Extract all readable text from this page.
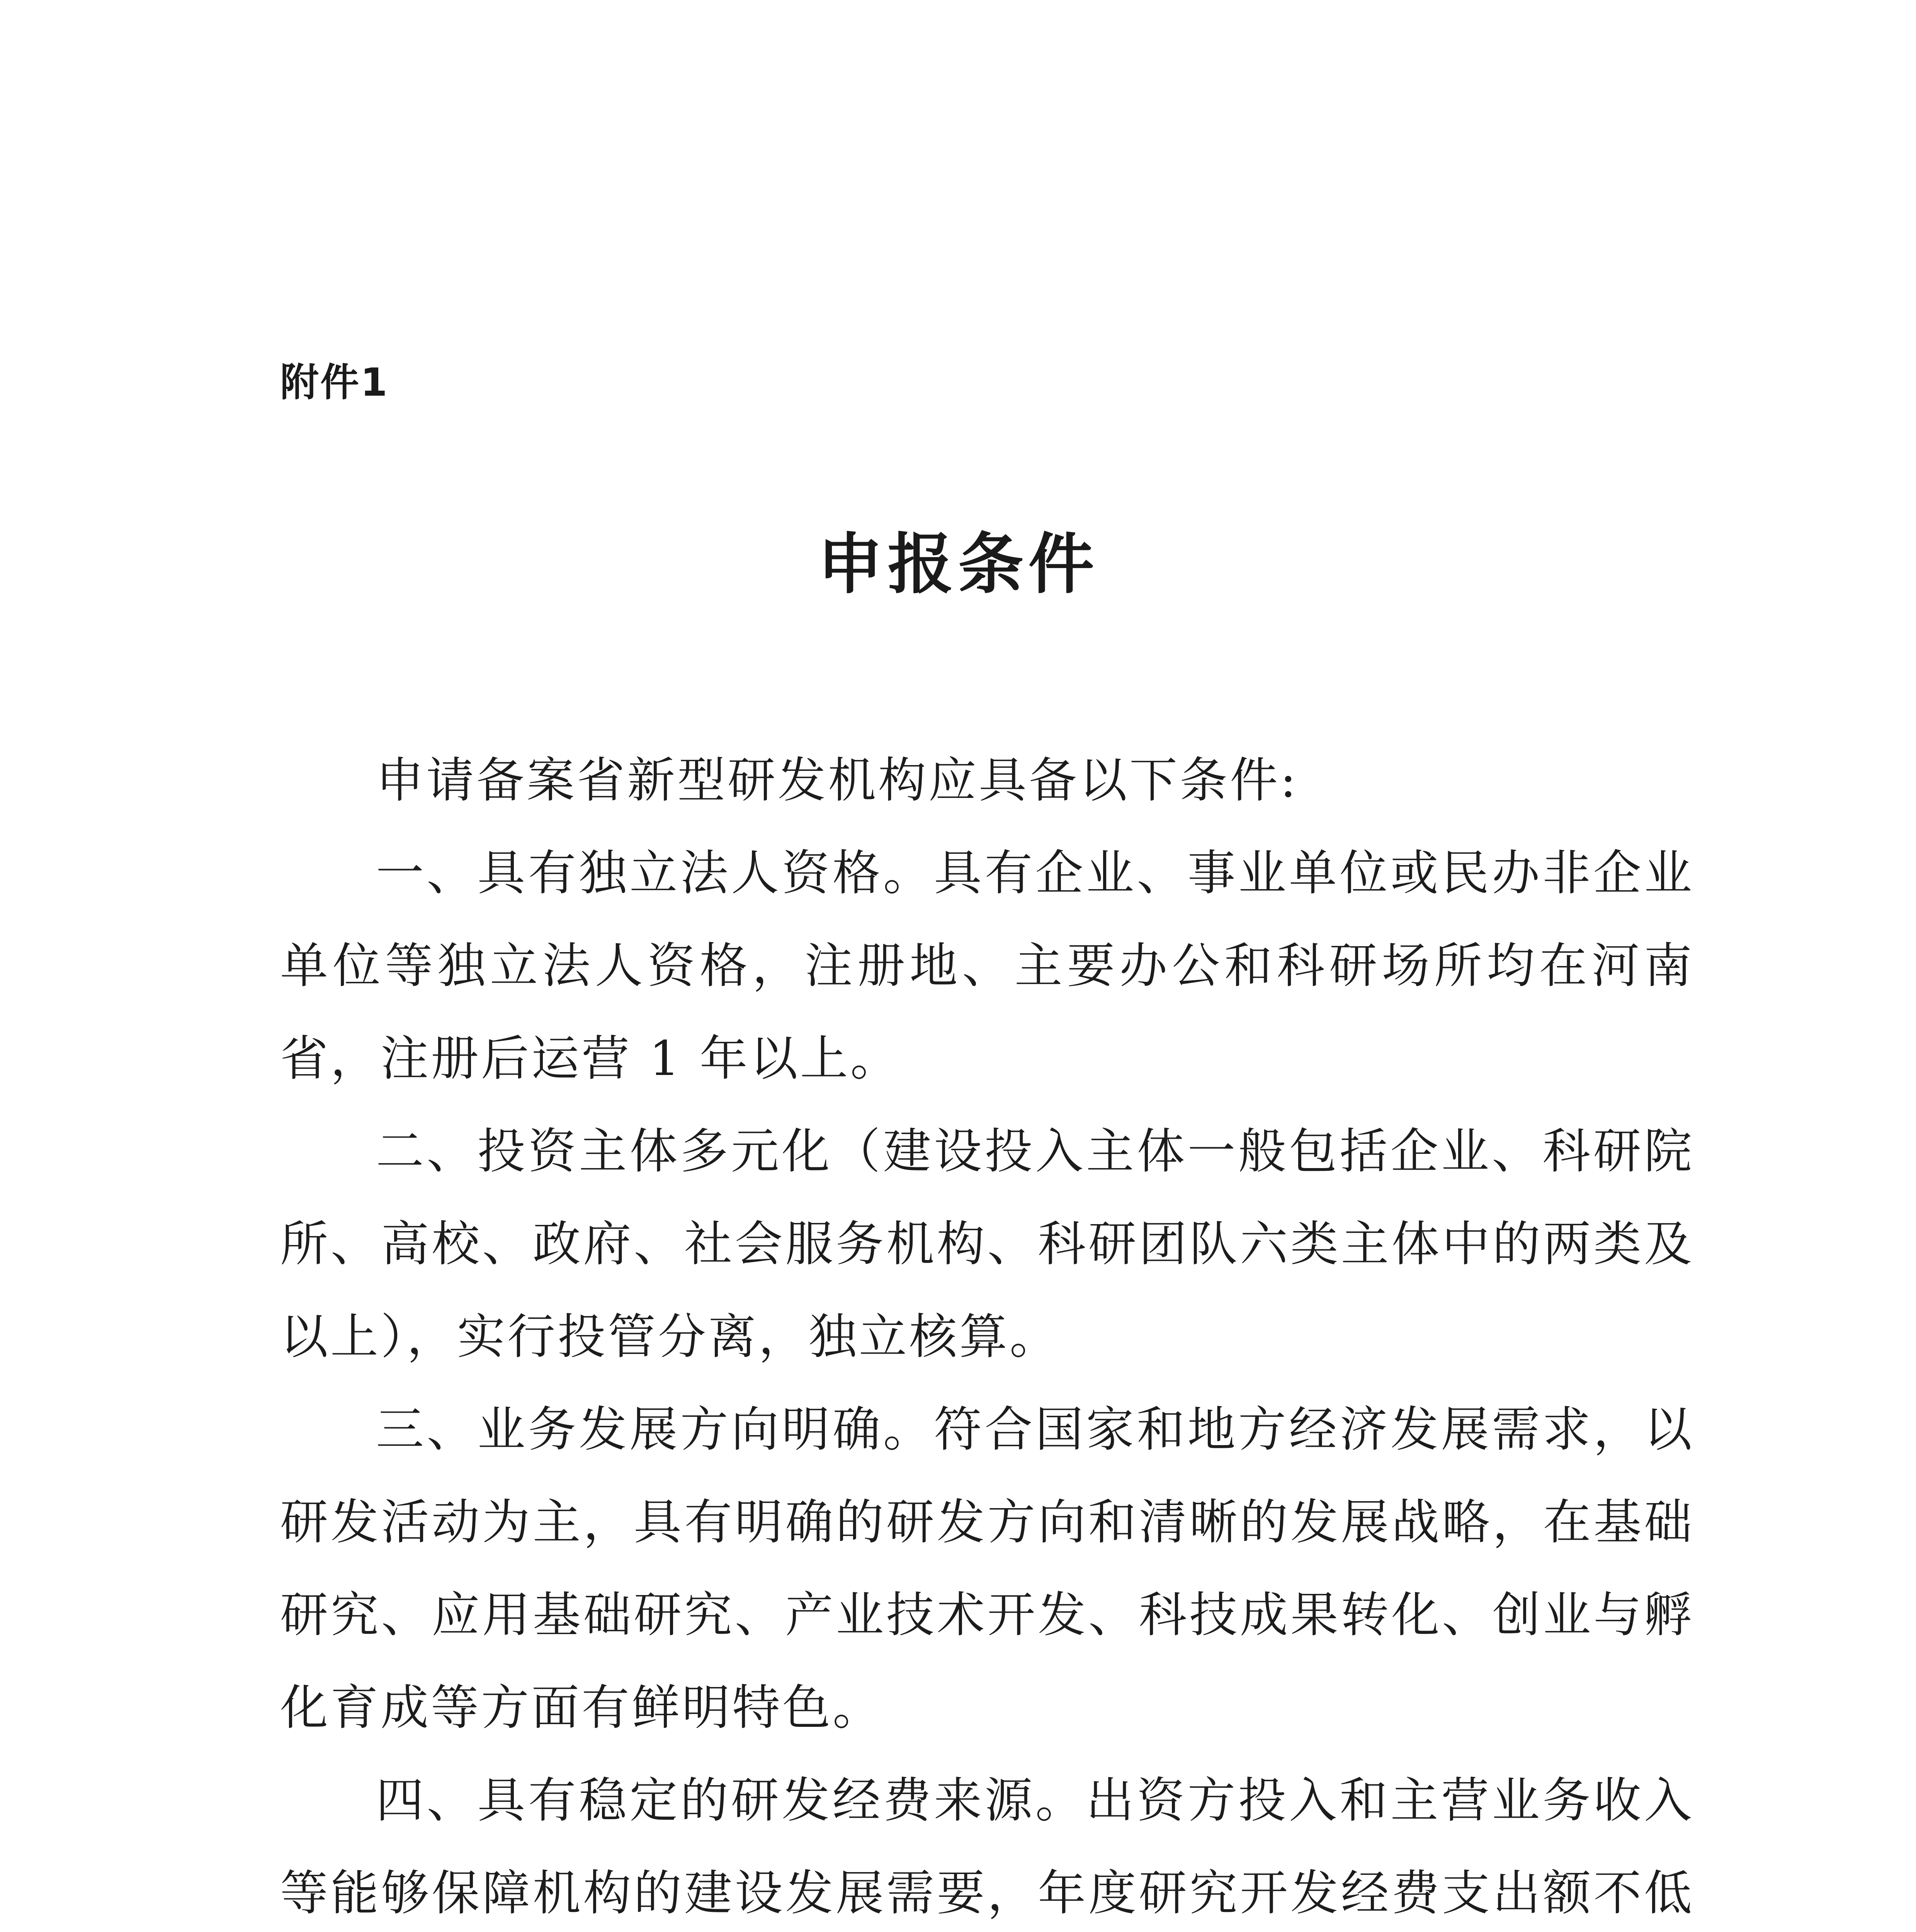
附件1
申报条件

申请备案省新型研发机构应具备以下条件:

一、具有独立法人资格。具有企业、事业单位或民办非企业单位等独立法人资格，注册地、主要办公和科研场所均在河南省，注册后运营 1 年以上。

二、投资主体多元化（建设投入主体一般包括企业、科研院所、高校、政府、社会服务机构、科研团队六类主体中的两类及以上），实行投管分离，独立核算。

三、业务发展方向明确。符合国家和地方经济发展需求，以研发活动为主，具有明确的研发方向和清晰的发展战略，在基础研究、应用基础研究、产业技术开发、科技成果转化、创业与孵化育成等方面有鲜明特色。

四、具有稳定的研发经费来源。出资方投入和主营业务收入等能够保障机构的建设发展需要，年度研究开发经费支出额不低
